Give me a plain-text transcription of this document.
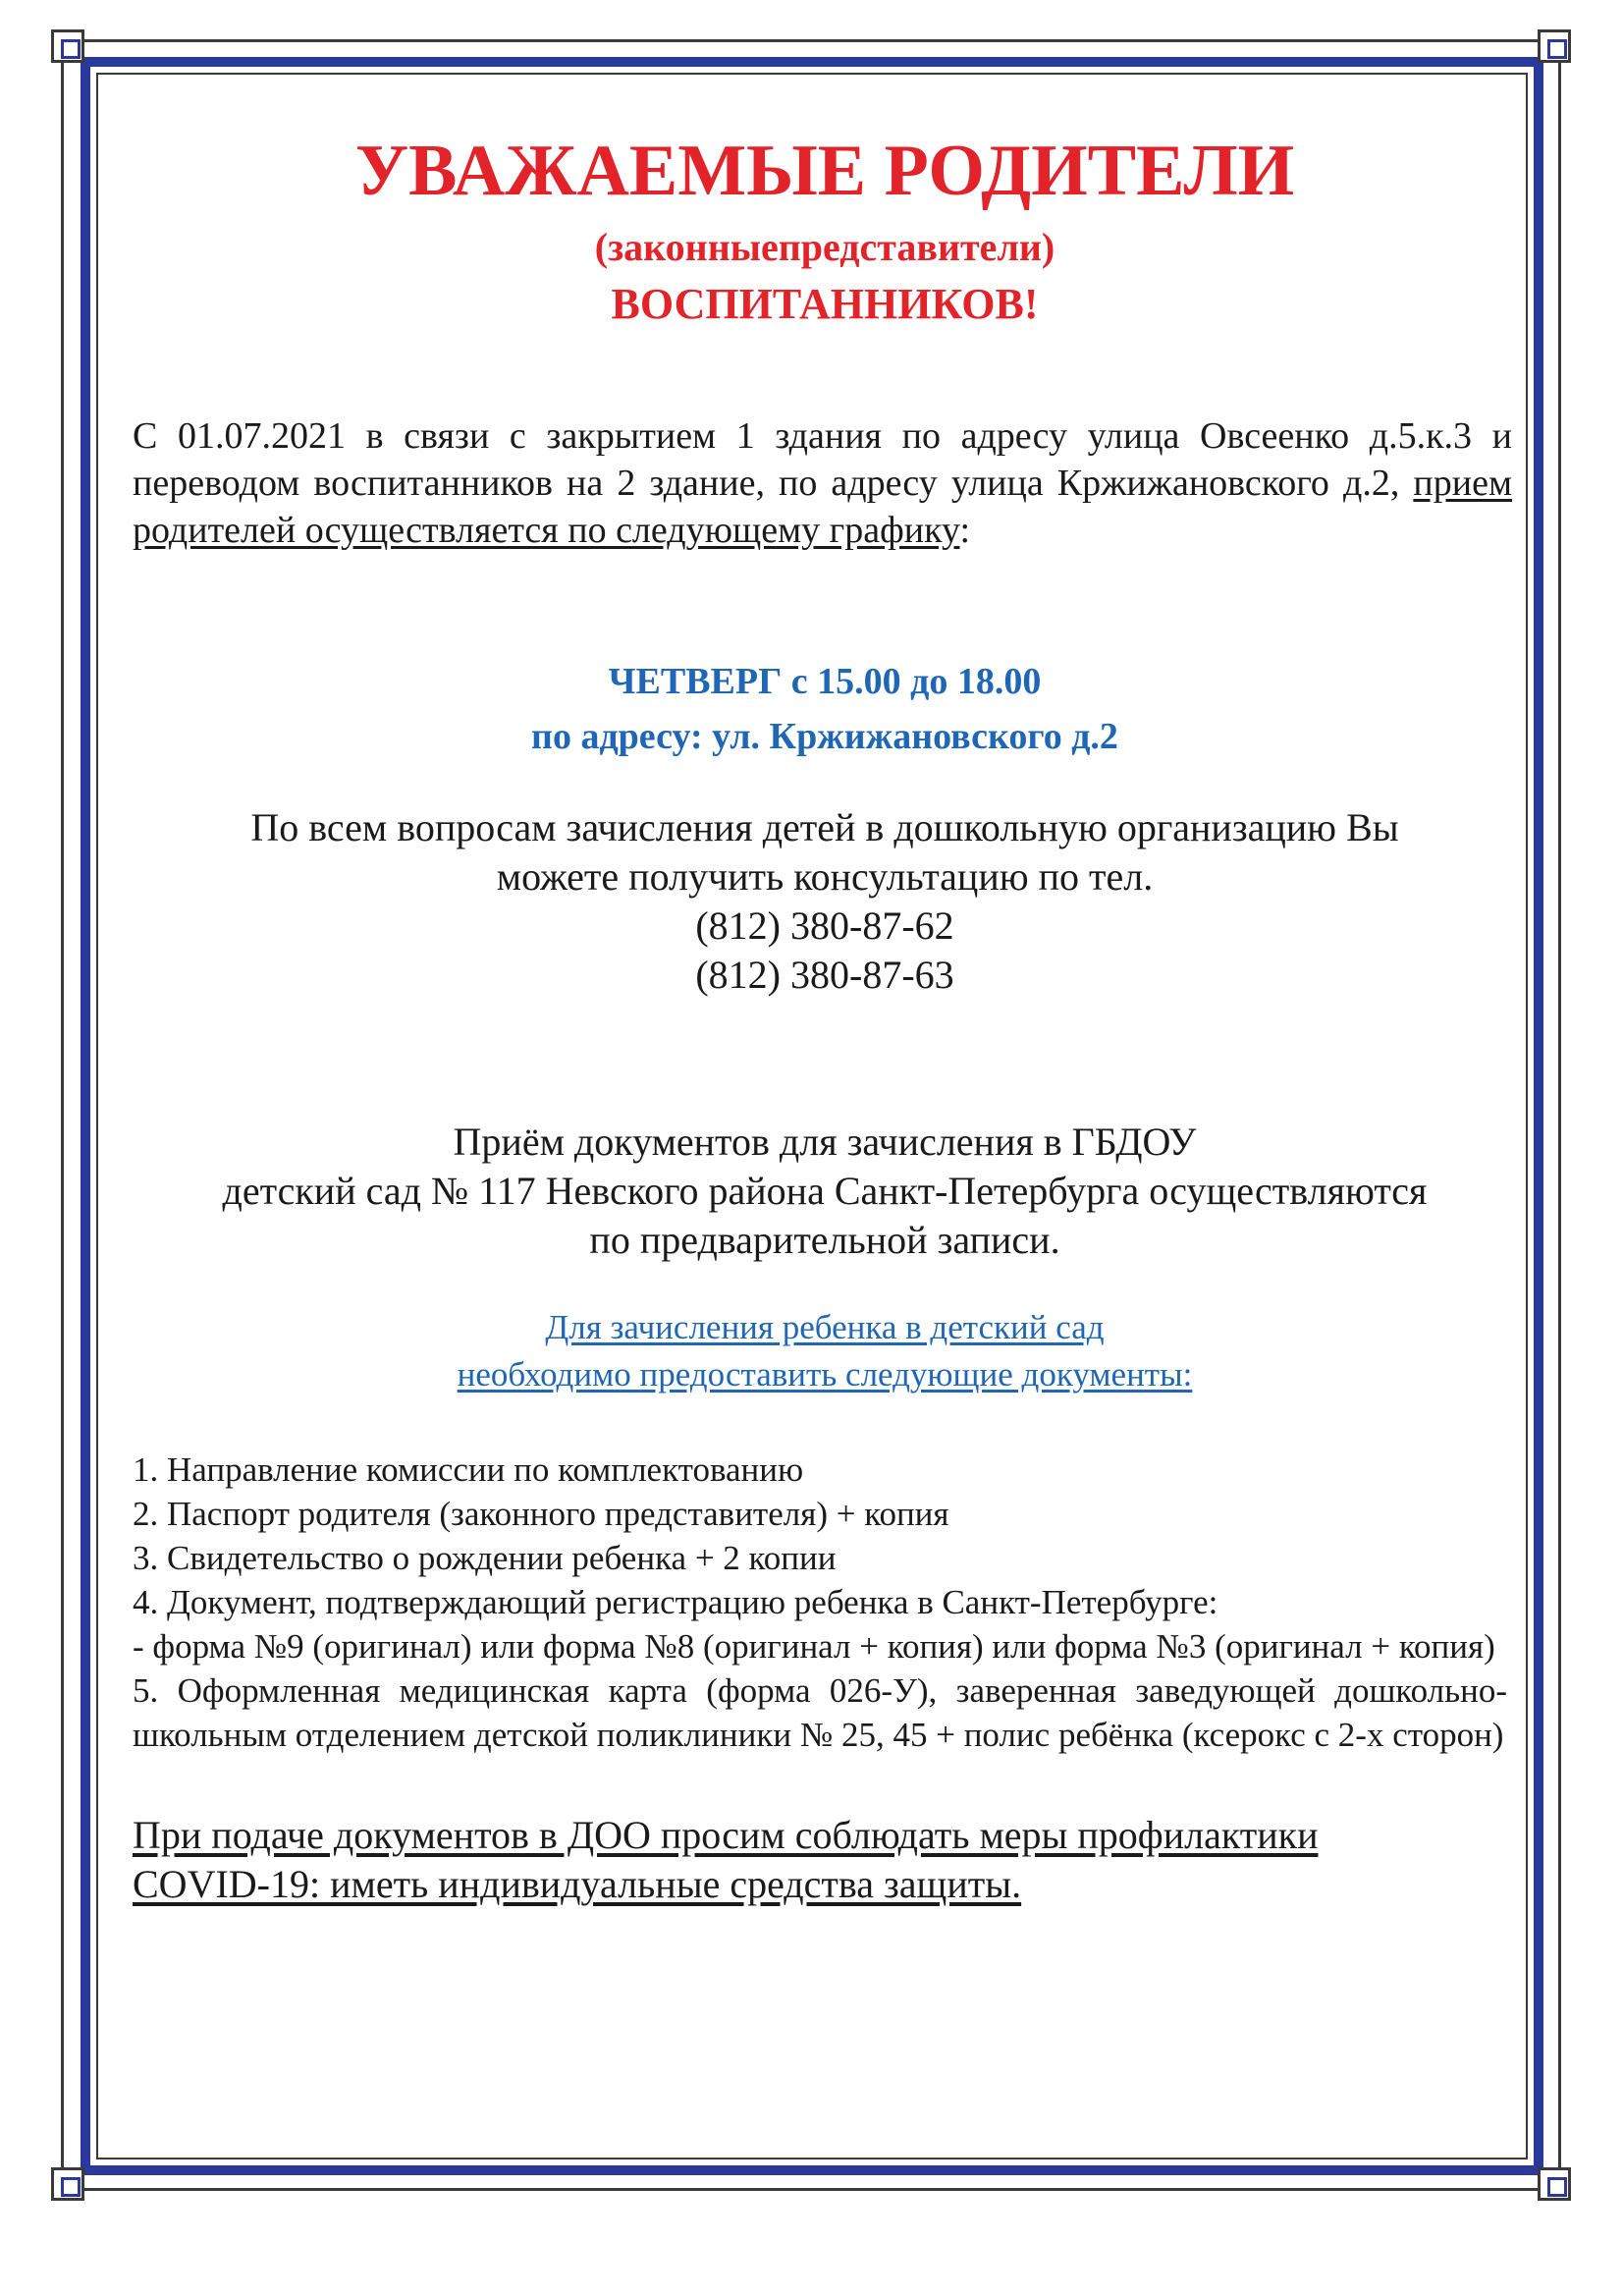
УВАЖАЕМЫЕ РОДИТЕЛИ
(законныепредставители)
ВОСПИТАННИКОВ!

С 01.07.2021 в связи с закрытием 1 здания по адресу улица Овсеенко д.5.к.3 и переводом воспитанников на 2 здание, по адресу улица Кржижановского д.2, прием родителей осуществляется по следующему графику:

ЧЕТВЕРГ с 15.00 до 18.00
по адресу: ул. Кржижановского д.2
По всем вопросам зачисления детей в дошкольную организацию Вы
можете получить консультацию по тел.
(812) 380-87-62
(812) 380-87-63
Приём документов для зачисления в ГБДОУ
детский сад № 117 Невского района Санкт-Петербурга осуществляются
по предварительной записи.
Для зачисления ребенка в детский сад
необходимо предоставить следующие документы:
1. Направление комиссии по комплектованию
2. Паспорт родителя (законного представителя) + копия
3. Свидетельство о рождении ребенка + 2 копии
4. Документ, подтверждающий регистрацию ребенка в Санкт-Петербурге:
- форма №9 (оригинал) или форма №8 (оригинал + копия) или форма №3 (оригинал + копия)
5. Оформленная медицинская карта (форма 026-У), заверенная заведующей дошкольно-школьным отделением детской поликлиники № 25, 45 + полис ребёнка (ксерокс с 2-х сторон)
При подаче документов в ДОО просим соблюдать меры профилактики
COVID-19: иметь индивидуальные средства защиты.
